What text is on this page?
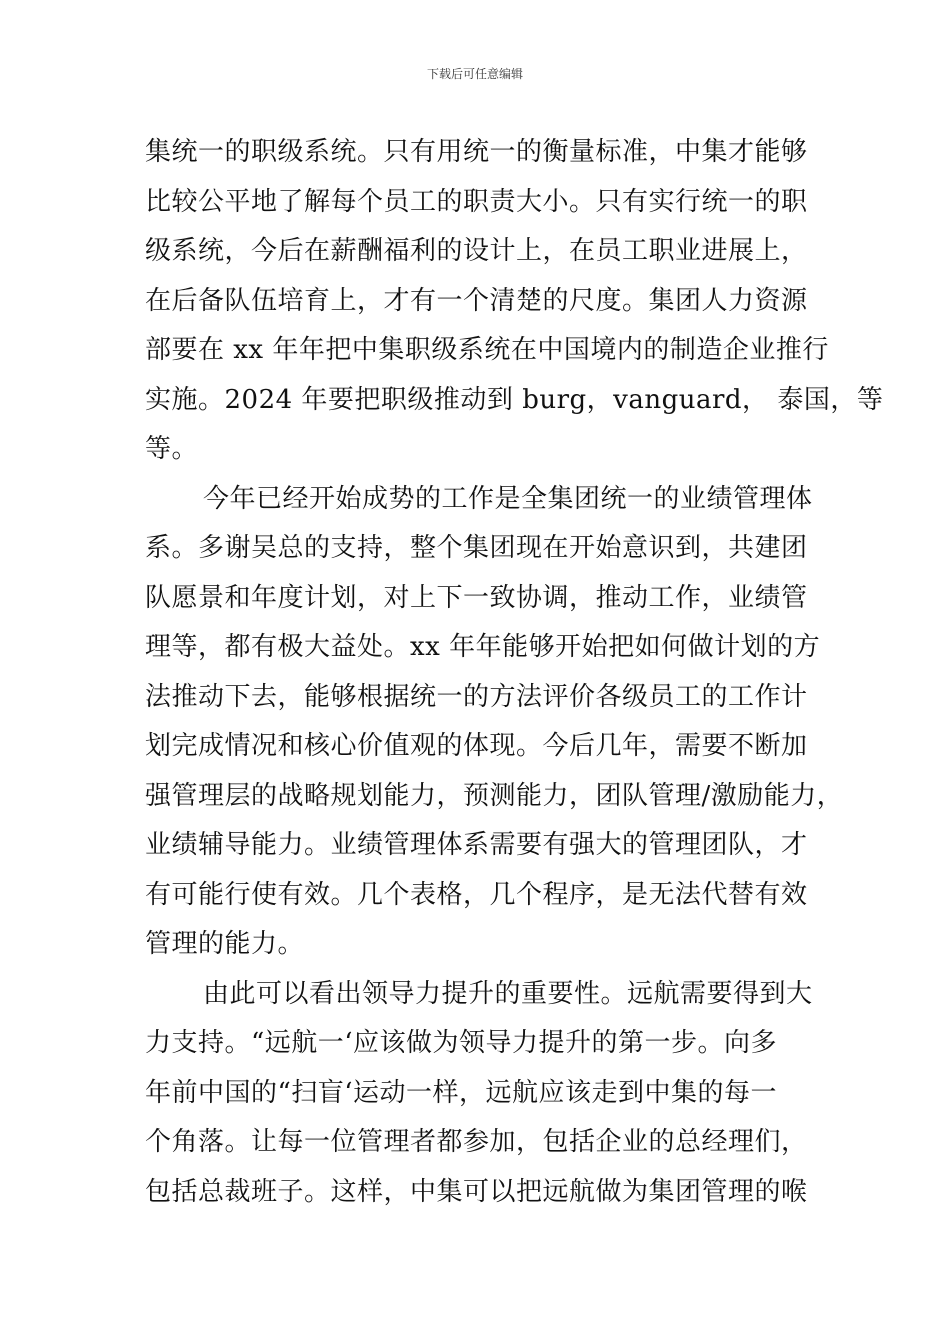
下载后可任意编辑
集统一的职级系统。只有用统一的衡量标准，中集才能够
比较公平地了解每个员工的职责大小。只有实行统一的职
级系统，今后在薪酬福利的设计上，在员工职业进展上，
在后备队伍培育上，才有一个清楚的尺度。集团人力资源
部要在 xx 年年把中集职级系统在中国境内的制造企业推行
实施。2024 年要把职级推动到 burg，vanguard， 泰国，等
等。
今年已经开始成势的工作是全集团统一的业绩管理体
系。多谢吴总的支持，整个集团现在开始意识到，共建团
队愿景和年度计划，对上下一致协调，推动工作，业绩管
理等，都有极大益处。xx 年年能够开始把如何做计划的方
法推动下去，能够根据统一的方法评价各级员工的工作计
划完成情况和核心价值观的体现。今后几年，需要不断加
强管理层的战略规划能力，预测能力，团队管理/激励能力，
业绩辅导能力。业绩管理体系需要有强大的管理团队，才
有可能行使有效。几个表格，几个程序，是无法代替有效
管理的能力。
由此可以看出领导力提升的重要性。远航需要得到大
力支持。“远航一‘应该做为领导力提升的第一步。向多
年前中国的“扫盲‘运动一样，远航应该走到中集的每一
个角落。让每一位管理者都参加，包括企业的总经理们，
包括总裁班子。这样，中集可以把远航做为集团管理的喉
